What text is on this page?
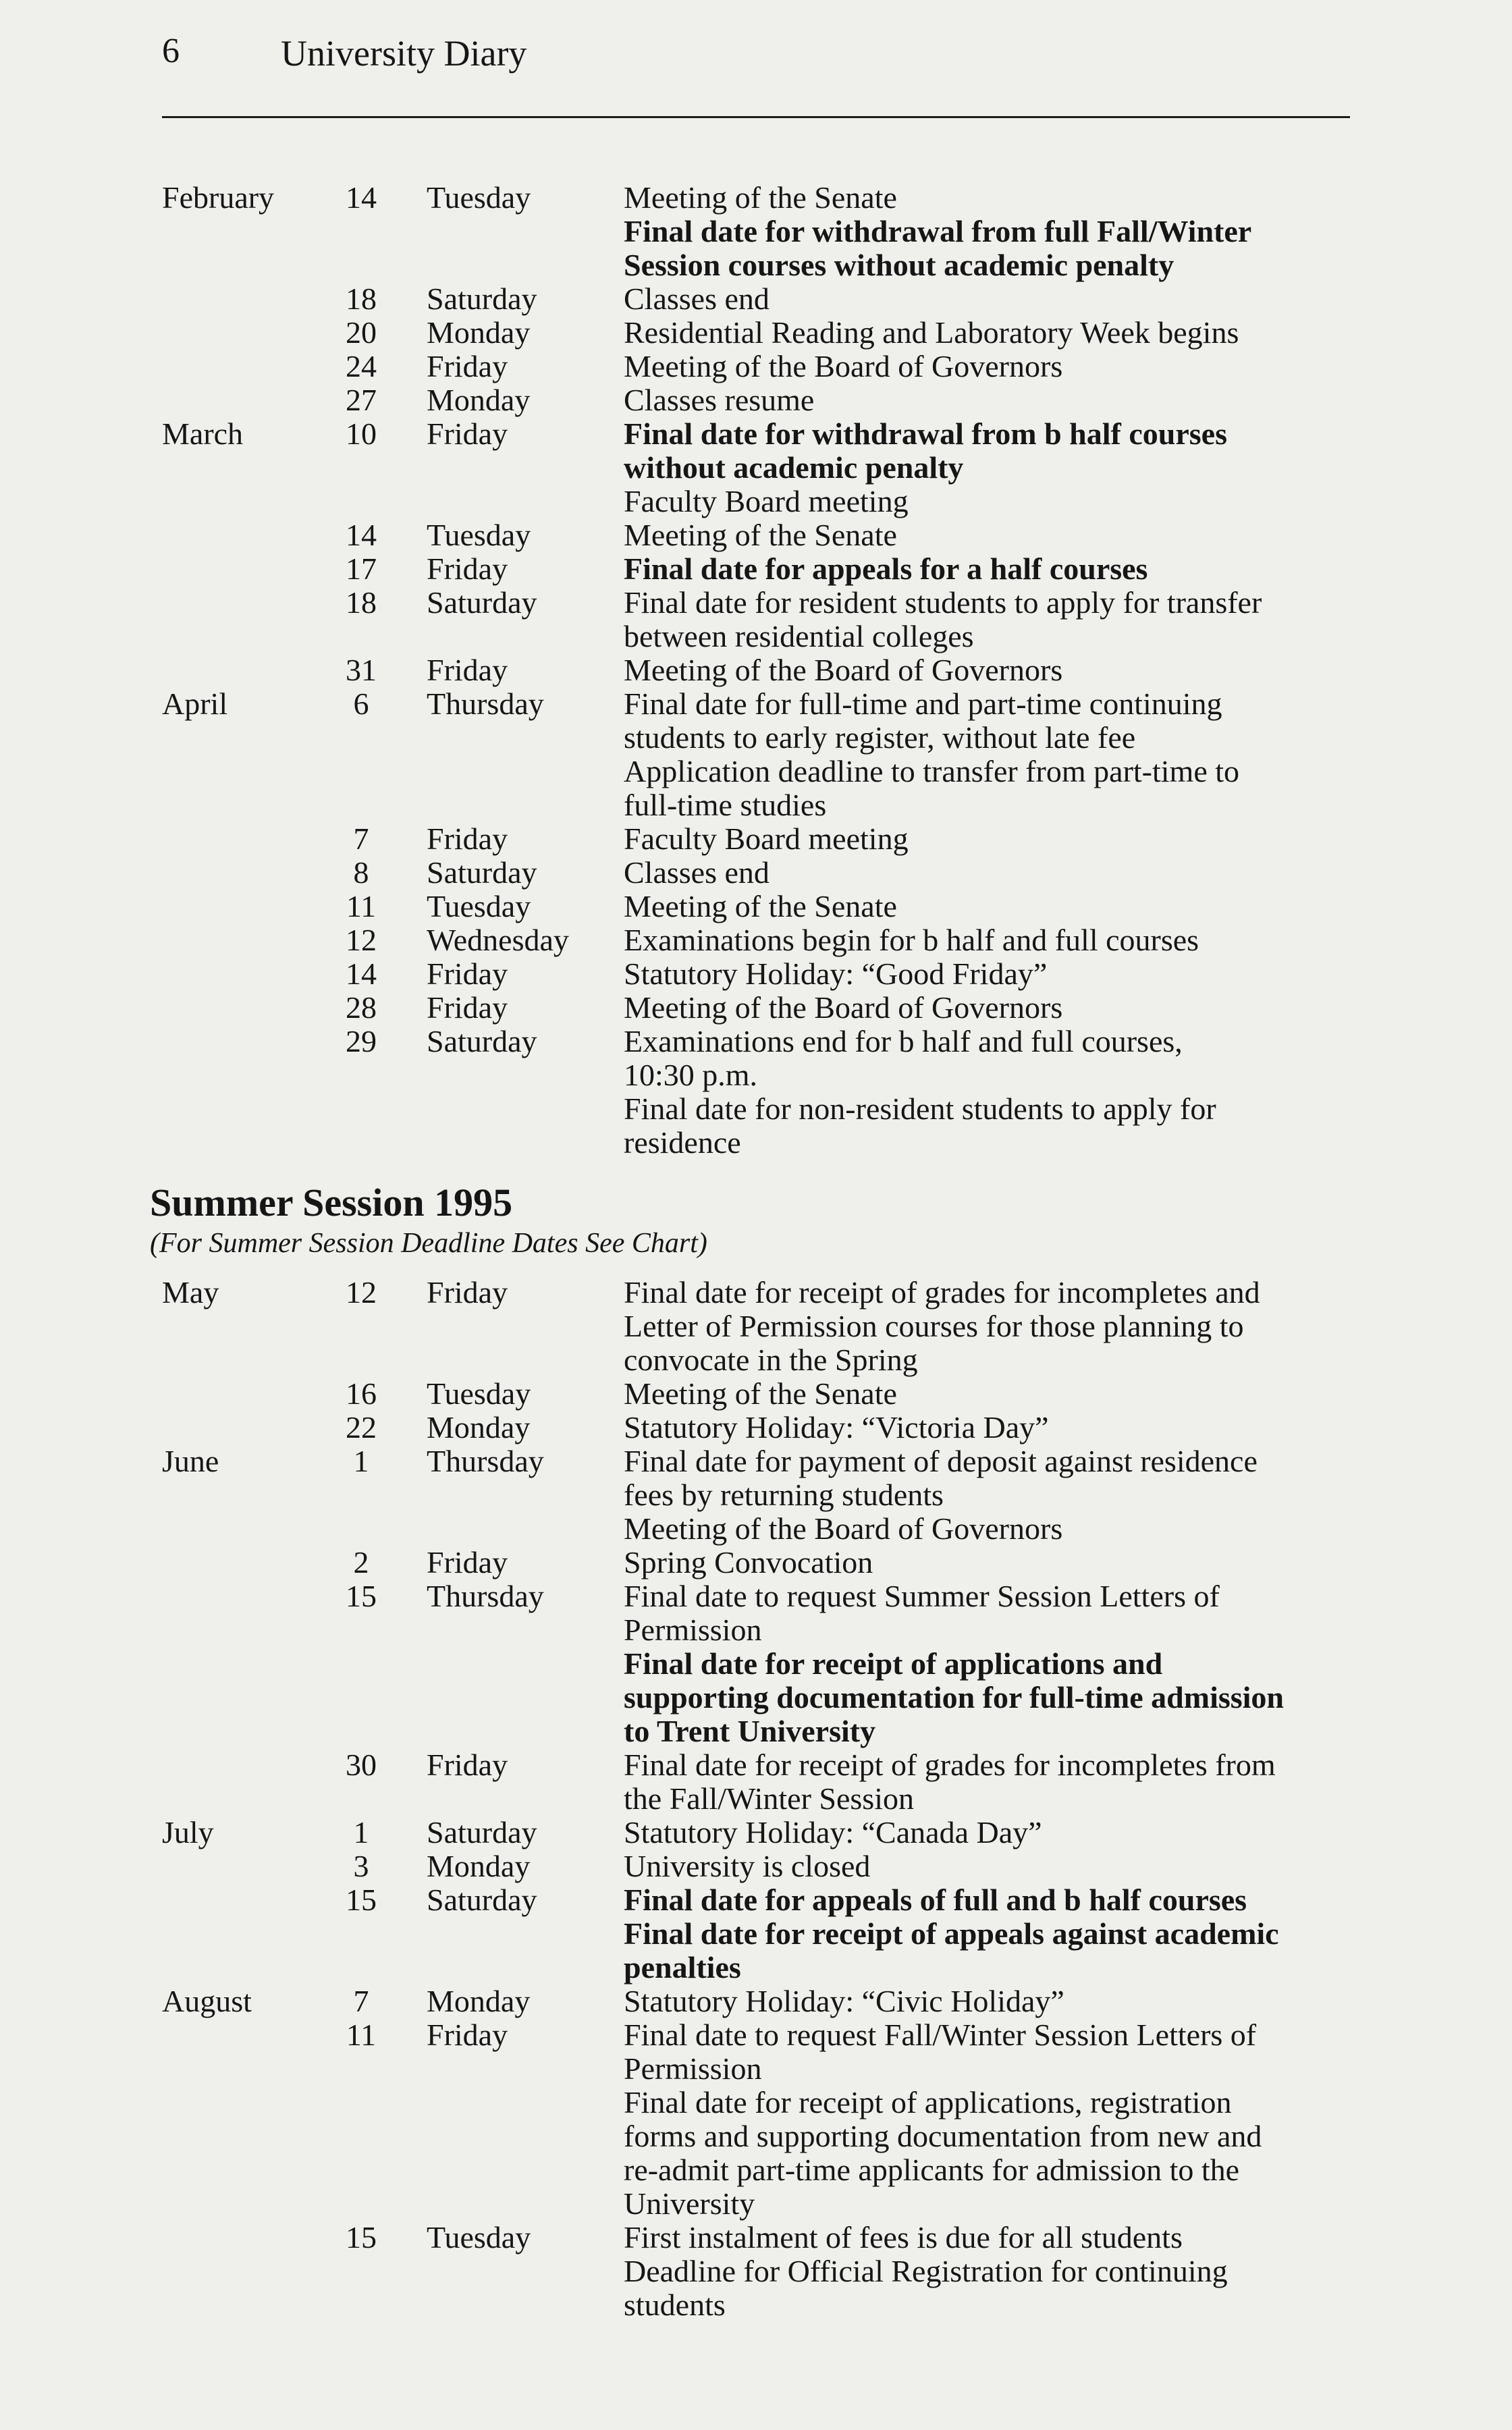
6	University Diary
February 14 Tuesday	Meeting of the Senate
Final date for withdrawal from full Fall/Winter
Session courses without academic penalty
18 Saturday	Classes end
20 Monday	Residential Reading and Laboratory Week begins
24 Friday	Meeting of the Board of Governors
27 Monday	Classes resume
March	10 Friday	Final date for withdrawal from b half courses
without academic penalty
Faculty Board meeting
14 Tuesday	Meeting of the Senate
17 Friday	Final date for appeals for a half courses
18 Saturday	Final date for resident students to apply for transfer
between residential colleges
31 Friday	Meeting of the Board of Governors
April	6	Thursday	Final date for full-time and part-time continuing
students to early register, without late fee
Application deadline to transfer from part-time to
full-time studies
7	Friday	Faculty Board meeting
8	Saturday	Classes end
11 Tuesday	Meeting of the Senate
12 Wednesday Examinations begin for b half and full courses
14 Friday	Statutory Holiday: “Good Friday”
28 Friday	Meeting of the Board of Governors
29 Saturday	Examinations end for b half and full courses,
10:30 p.m.
Final date for non-resident students to apply for
residence
Summer Session 1995
(For Summer Session Deadline Dates See Chart)
May	12 Friday	Final date for receipt of grades for incompletes and
Letter of Permission courses for those planning to
convocate in the Spring
16 Tuesday	Meeting of the Senate
22 Monday	Statutory Holiday: “Victoria Day”
June	1	Thursday	Final date for payment of deposit against residence
fees by returning students
Meeting of the Board of Governors
2	Friday	Spring Convocation
15 Thursday	Final date to request Summer Session Letters of
Permission
Final date for receipt of applications and
supporting documentation for full-time admission
to Trent University
30 Friday	Final date for receipt of grades for incompletes from
the Fall/Winter Session
July	1	Saturday	Statutory Holiday: “Canada Day”
3	Monday	University is closed
15 Saturday	Final date for appeals of full and b half courses
Final date for receipt of appeals against academic
penalties
August	7	Monday	Statutory Holiday: “Civic Holiday”
11 Friday	Final date to request Fall/Winter Session Letters of
Permission
Final date for receipt of applications, registration
forms and supporting documentation from new and
re-admit part-time applicants for admission to the
University
15 Tuesday	First instalment of fees is due for all students
Deadline for Official Registration for continuing
students
